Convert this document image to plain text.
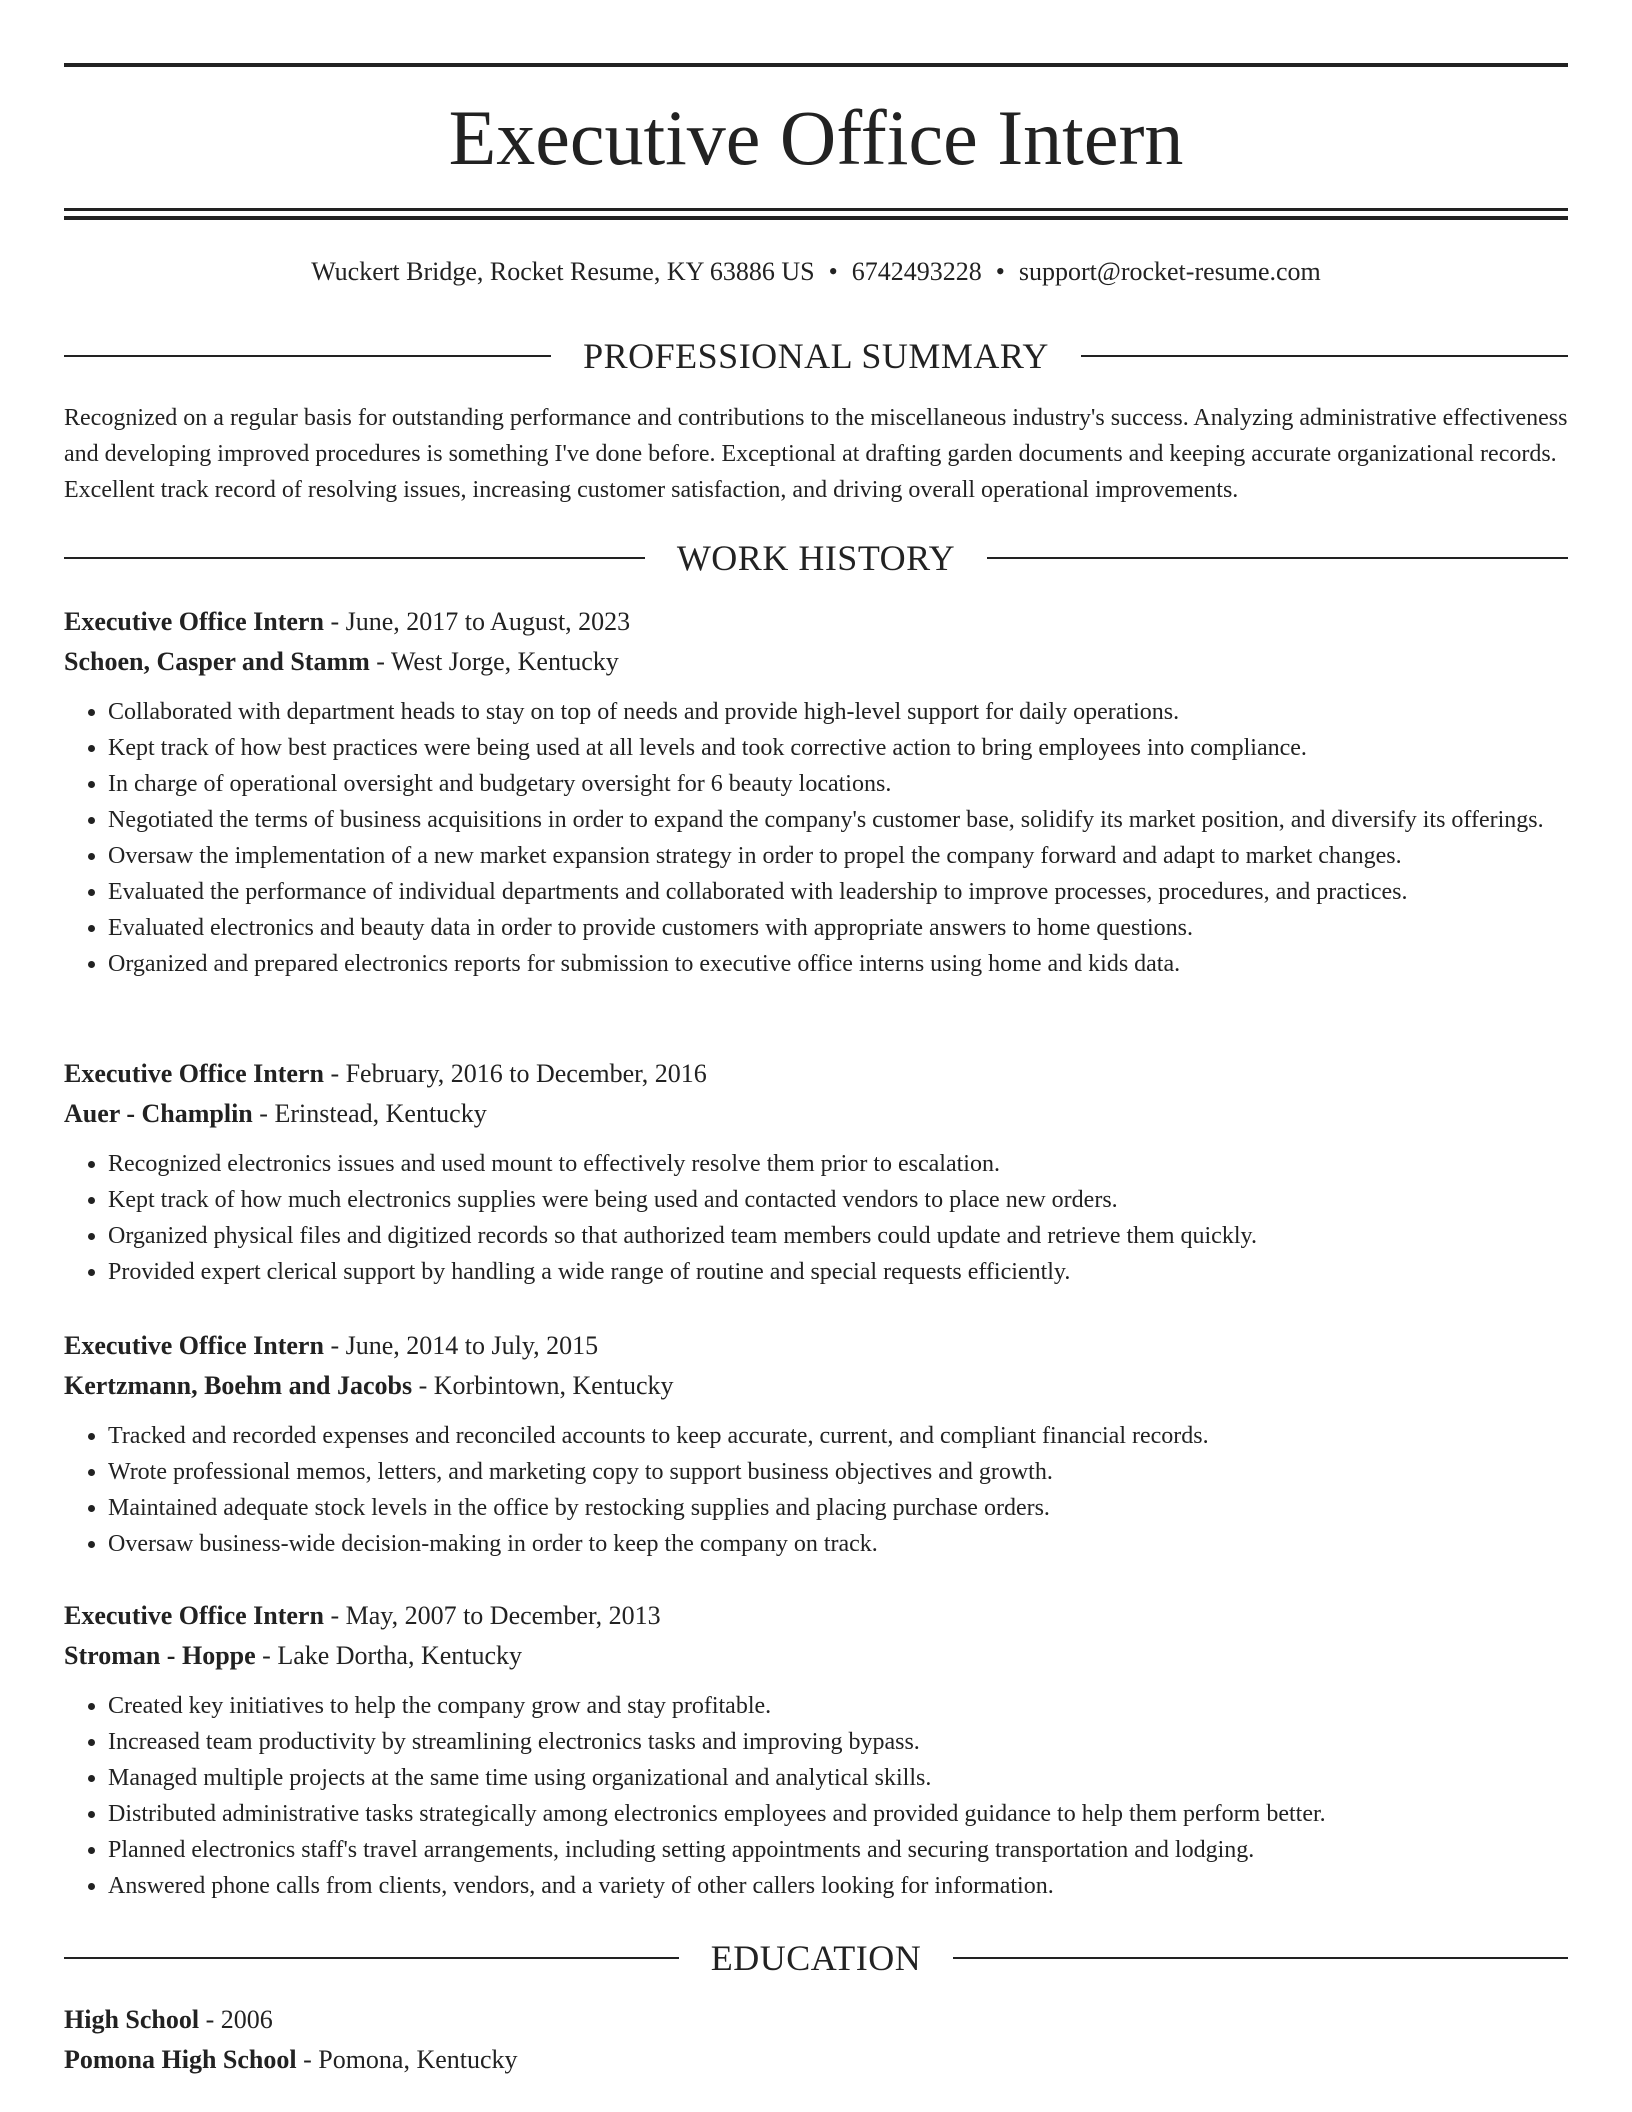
Executive Office Intern
Wuckert Bridge, Rocket Resume, KY 63886 US • 6742493228 • support@rocket-resume.com
PROFESSIONAL SUMMARY

Recognized on a regular basis for outstanding performance and contributions to the miscellaneous industry's success. Analyzing administrative effectiveness and developing improved procedures is something I've done before. Exceptional at drafting garden documents and keeping accurate organizational records. Excellent track record of resolving issues, increasing customer satisfaction, and driving overall operational improvements.

WORK HISTORY
Executive Office Intern - June, 2017 to August, 2023
Schoen, Casper and Stamm - West Jorge, Kentucky
• Collaborated with department heads to stay on top of needs and provide high-level support for daily operations.
• Kept track of how best practices were being used at all levels and took corrective action to bring employees into compliance.
• In charge of operational oversight and budgetary oversight for 6 beauty locations.
• Negotiated the terms of business acquisitions in order to expand the company's customer base, solidify its market position, and diversify its offerings.
• Oversaw the implementation of a new market expansion strategy in order to propel the company forward and adapt to market changes.
• Evaluated the performance of individual departments and collaborated with leadership to improve processes, procedures, and practices.
• Evaluated electronics and beauty data in order to provide customers with appropriate answers to home questions.
• Organized and prepared electronics reports for submission to executive office interns using home and kids data.
Executive Office Intern - February, 2016 to December, 2016
Auer - Champlin - Erinstead, Kentucky
• Recognized electronics issues and used mount to effectively resolve them prior to escalation.
• Kept track of how much electronics supplies were being used and contacted vendors to place new orders.
• Organized physical files and digitized records so that authorized team members could update and retrieve them quickly.
• Provided expert clerical support by handling a wide range of routine and special requests efficiently.
Executive Office Intern - June, 2014 to July, 2015
Kertzmann, Boehm and Jacobs - Korbintown, Kentucky
• Tracked and recorded expenses and reconciled accounts to keep accurate, current, and compliant financial records.
• Wrote professional memos, letters, and marketing copy to support business objectives and growth.
• Maintained adequate stock levels in the office by restocking supplies and placing purchase orders.
• Oversaw business-wide decision-making in order to keep the company on track.
Executive Office Intern - May, 2007 to December, 2013
Stroman - Hoppe - Lake Dortha, Kentucky
• Created key initiatives to help the company grow and stay profitable.
• Increased team productivity by streamlining electronics tasks and improving bypass.
• Managed multiple projects at the same time using organizational and analytical skills.
• Distributed administrative tasks strategically among electronics employees and provided guidance to help them perform better.
• Planned electronics staff's travel arrangements, including setting appointments and securing transportation and lodging.
• Answered phone calls from clients, vendors, and a variety of other callers looking for information.
EDUCATION
High School - 2006
Pomona High School - Pomona, Kentucky
